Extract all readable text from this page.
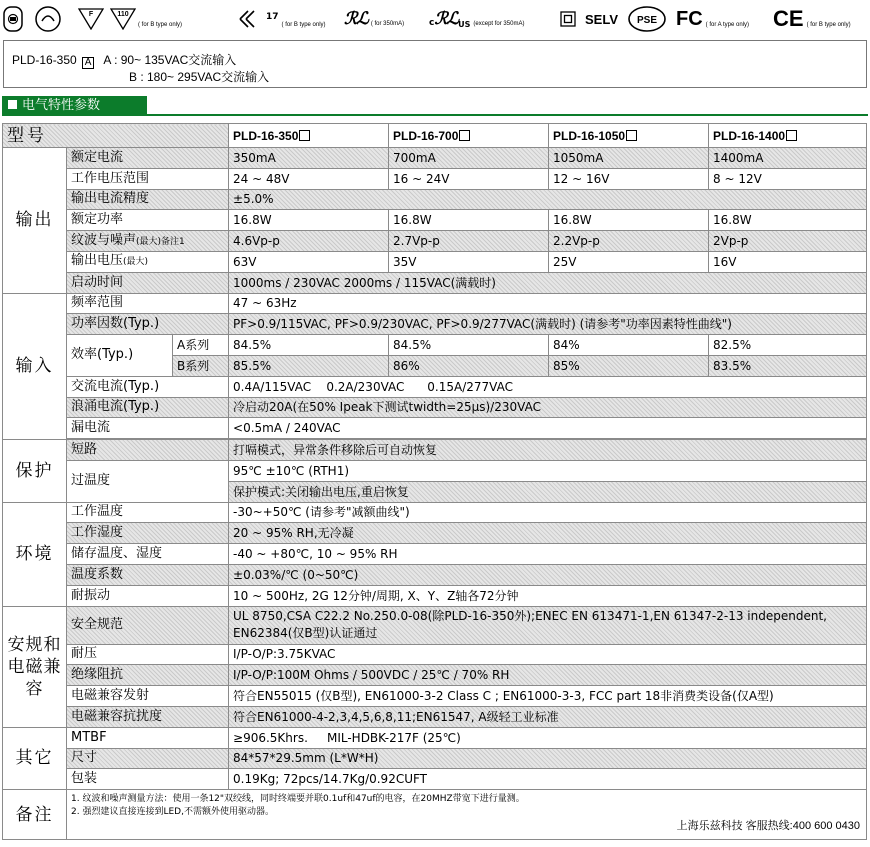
F	110
( for B type only)
17
( for B type only) ℛℒ ( for 350mA)	c ℛℒ US (except for 350mA)	SELV PSE FC ( for A type only) CE ( for B type only)
PLD-16-350 A A : 90~ 135VAC交流输入
B : 180~ 295VAC交流输入
电气特性参数
型号			PLD-16-350	PLD-16-700	PLD-16-1050	PLD-16-1400
输出	额定电流		350mA	700mA	1050mA	1400mA
	工作电压范围		24 ~ 48V	16 ~ 24V	12 ~ 16V	8 ~ 12V
	输出电流精度		±5.0%			
	额定功率		16.8W	16.8W	16.8W	16.8W
	纹波与噪声(最大)备注1		4.6Vp-p	2.7Vp-p	2.2Vp-p	2Vp-p
	输出电压(最大)		63V	35V	25V	16V
	启动时间		1000ms / 230VAC 2000ms / 115VAC(满载时)			
输入	频率范围		47 ~ 63Hz			
	功率因数(Typ.)		PF>0.9/115VAC, PF>0.9/230VAC, PF>0.9/277VAC(满载时) (请参考"功率因素特性曲线")			
	效率(Typ.)	A系列	84.5%	84.5%	84%	82.5%
		B系列	85.5%	86%	85%	83.5%
	交流电流(Typ.)		0.4A/115VAC    0.2A/230VAC      0.15A/277VAC			
	浪涌电流(Typ.)		冷启动20A(在50% Ipeak下测试twidth=25μs)/230VAC			
	漏电流		<0.5mA / 240VAC			

保护	短路		打嗝模式，异常条件移除后可自动恢复			
	过温度		95℃ ±10℃ (RTH1)			
			保护模式:关闭输出电压,重启恢复			
环境	工作温度		-30~+50℃ (请参考"减额曲线")			
	工作湿度		20 ~ 95% RH,无冷凝			
	储存温度、湿度		-40 ~ +80℃, 10 ~ 95% RH			
	温度系数		±0.03%/℃ (0~50℃)			
	耐振动		10 ~ 500Hz, 2G 12分钟/周期, X、Y、Z轴各72分钟			
安规和电磁兼容	安全规范		UL 8750,CSA C22.2 No.250.0-08(除PLD-16-350外);ENEC EN 613471-1,EN 61347-2-13 independent, EN62384(仅B型)认证通过			
	耐压		I/P-O/P:3.75KVAC			
	绝缘阻抗		I/P-O/P:100M Ohms / 500VDC / 25℃ / 70% RH			
	电磁兼容发射		符合EN55015 (仅B型), EN61000-3-2 Class C ; EN61000-3-3, FCC part 18非消费类设备(仅A型)			
	电磁兼容抗扰度		符合EN61000-4-2,3,4,5,6,8,11;EN61547, A级轻工业标准			
其它	MTBF		≥906.5Khrs.     MIL-HDBK-217F (25℃)			
	尺寸		84*57*29.5mm (L*W*H)			
	包装		0.19Kg; 72pcs/14.7Kg/0.92CUFT			
备注	1. 纹波和噪声测量方法：使用一条12"双绞线，同时终端要并联0.1uf和47uf的电容，在20MHZ带宽下进行量测。
2. 强烈建议直接连接到LED,不需额外使用驱动器。
上海乐兹科技 客服热线:400 600 0430					
